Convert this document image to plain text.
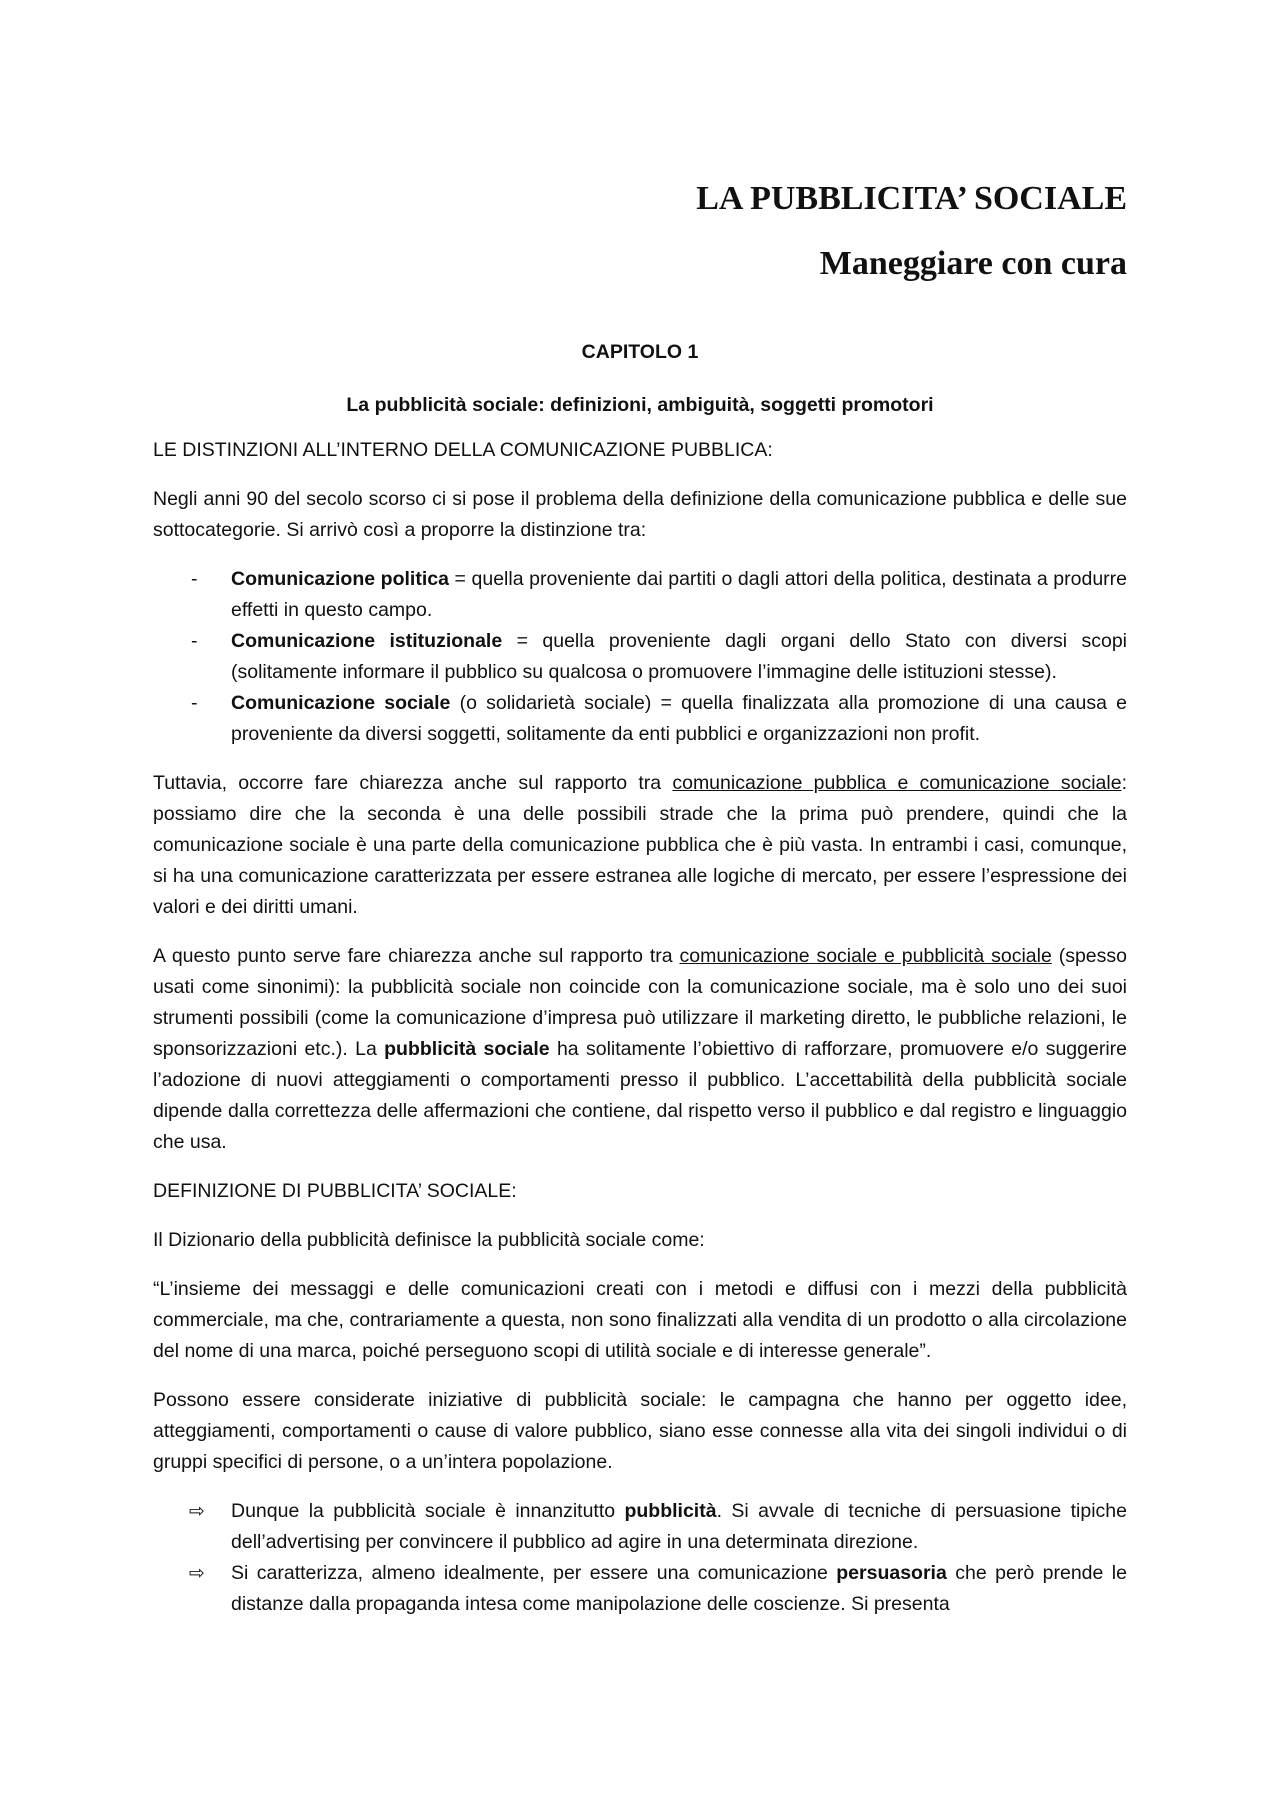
LA PUBBLICITA’ SOCIALE
Maneggiare con cura

CAPITOLO 1

La pubblicità sociale: definizioni, ambiguità, soggetti promotori

LE DISTINZIONI ALL’INTERNO DELLA COMUNICAZIONE PUBBLICA:

Negli anni 90 del secolo scorso ci si pose il problema della definizione della comunicazione pubblica e delle sue sottocategorie. Si arrivò così a proporre la distinzione tra:

- Comunicazione politica = quella proveniente dai partiti o dagli attori della politica, destinata a produrre effetti in questo campo.
- Comunicazione istituzionale = quella proveniente dagli organi dello Stato con diversi scopi (solitamente informare il pubblico su qualcosa o promuovere l’immagine delle istituzioni stesse).
- Comunicazione sociale (o solidarietà sociale) = quella finalizzata alla promozione di una causa e proveniente da diversi soggetti, solitamente da enti pubblici e organizzazioni non profit.

Tuttavia, occorre fare chiarezza anche sul rapporto tra comunicazione pubblica e comunicazione sociale: possiamo dire che la seconda è una delle possibili strade che la prima può prendere, quindi che la comunicazione sociale è una parte della comunicazione pubblica che è più vasta. In entrambi i casi, comunque, si ha una comunicazione caratterizzata per essere estranea alle logiche di mercato, per essere l’espressione dei valori e dei diritti umani.

A questo punto serve fare chiarezza anche sul rapporto tra comunicazione sociale e pubblicità sociale (spesso usati come sinonimi): la pubblicità sociale non coincide con la comunicazione sociale, ma è solo uno dei suoi strumenti possibili (come la comunicazione d’impresa può utilizzare il marketing diretto, le pubbliche relazioni, le sponsorizzazioni etc.). La pubblicità sociale ha solitamente l’obiettivo di rafforzare, promuovere e/o suggerire l’adozione di nuovi atteggiamenti o comportamenti presso il pubblico. L’accettabilità della pubblicità sociale dipende dalla correttezza delle affermazioni che contiene, dal rispetto verso il pubblico e dal registro e linguaggio che usa.

DEFINIZIONE DI PUBBLICITA’ SOCIALE:

Il Dizionario della pubblicità definisce la pubblicità sociale come:

“L’insieme dei messaggi e delle comunicazioni creati con i metodi e diffusi con i mezzi della pubblicità commerciale, ma che, contrariamente a questa, non sono finalizzati alla vendita di un prodotto o alla circolazione del nome di una marca, poiché perseguono scopi di utilità sociale e di interesse generale”.

Possono essere considerate iniziative di pubblicità sociale: le campagna che hanno per oggetto idee, atteggiamenti, comportamenti o cause di valore pubblico, siano esse connesse alla vita dei singoli individui o di gruppi specifici di persone, o a un’intera popolazione.

⇨ Dunque la pubblicità sociale è innanzitutto pubblicità. Si avvale di tecniche di persuasione tipiche dell’advertising per convincere il pubblico ad agire in una determinata direzione.
⇨ Si caratterizza, almeno idealmente, per essere una comunicazione persuasoria che però prende le distanze dalla propaganda intesa come manipolazione delle coscienze. Si presenta
